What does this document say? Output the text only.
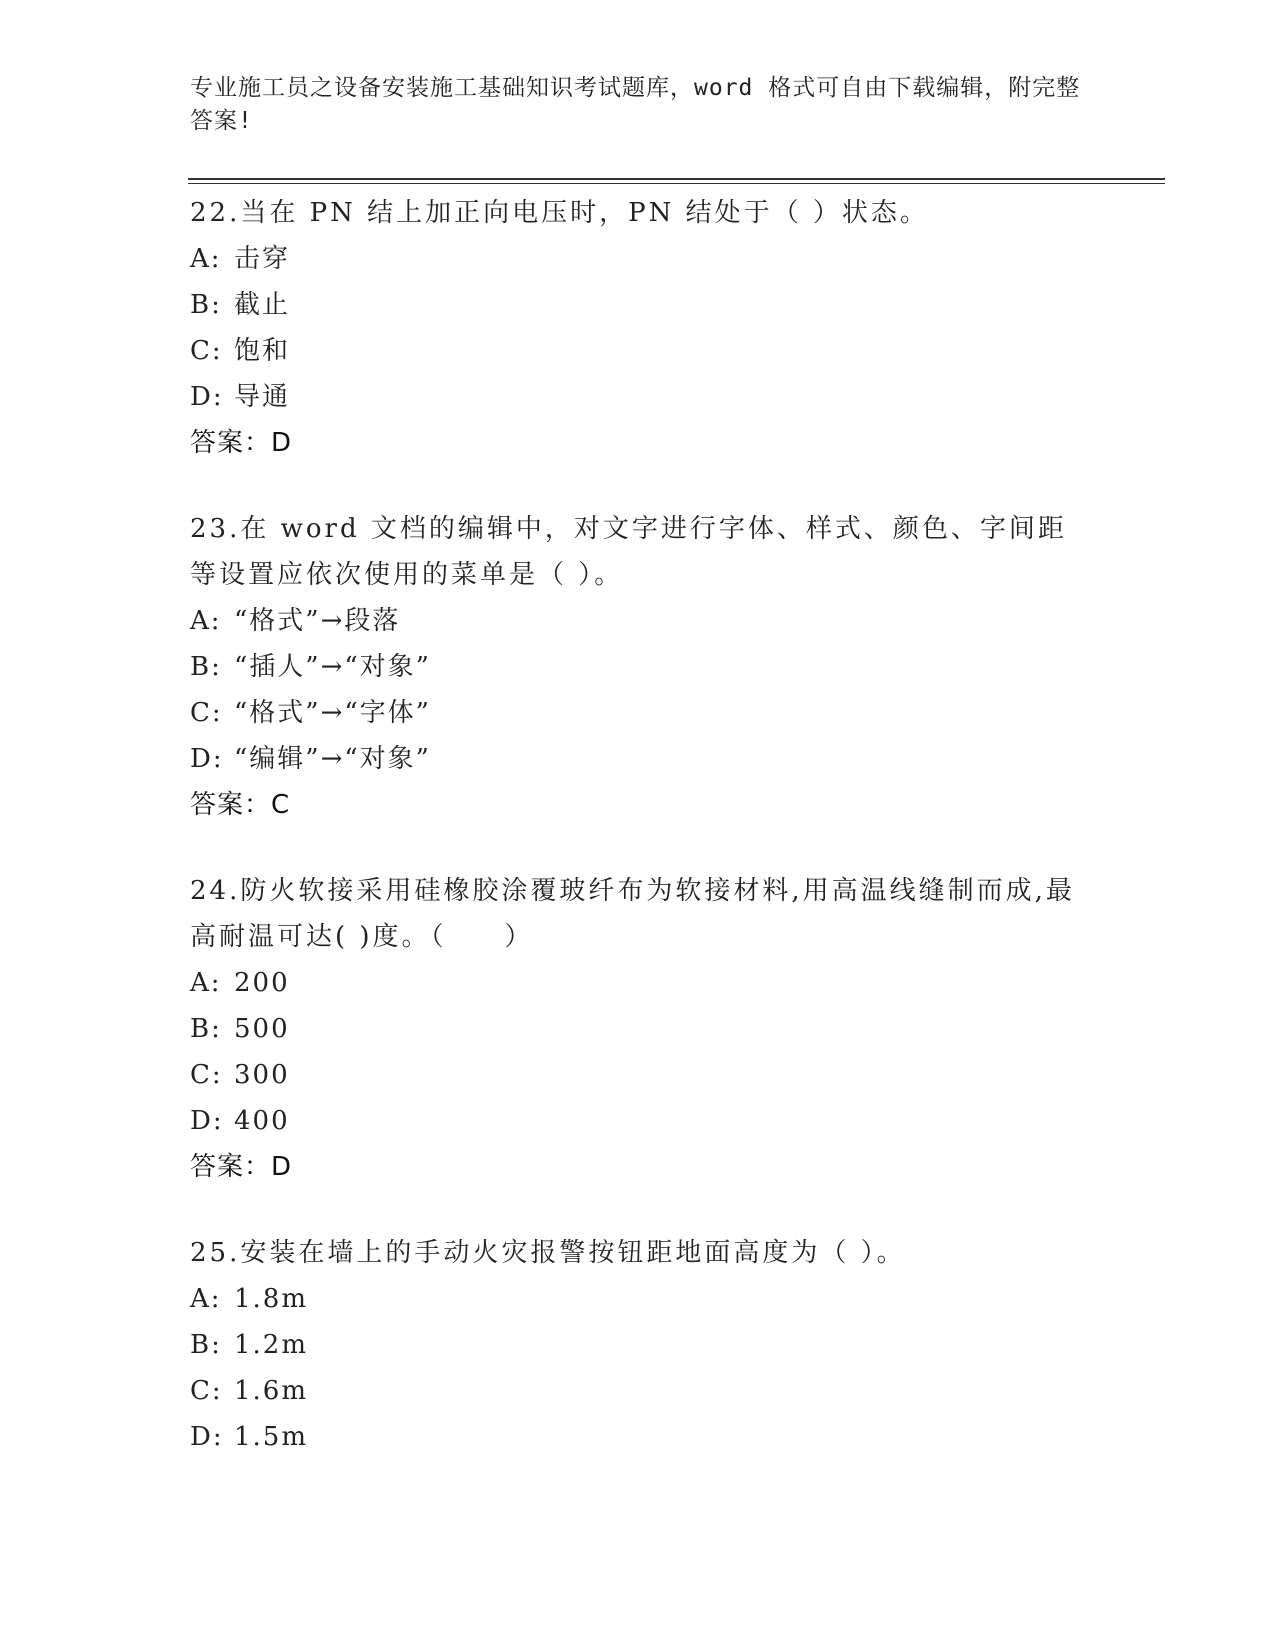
专业施工员之设备安装施工基础知识考试题库，word 格式可自由下载编辑，附完整答案!

22.当在 PN 结上加正向电压时，PN 结处于（ ）状态。

A: 击穿
B: 截止
C: 饱和
D: 导通
答案：D

23.在 word 文档的编辑中，对文字进行字体、样式、颜色、字间距等设置应依次使用的菜单是（ ）。

A: “格式”→段落
B: “插人”→“对象”
C: “格式”→“字体”
D: “编辑”→“对象”
答案：C

24.防火软接采用硅橡胶涂覆玻纤布为软接材料,用高温线缝制而成,最高耐温可达( )度。（　　）

A: 200
B: 500
C: 300
D: 400
答案：D

25.安装在墙上的手动火灾报警按钮距地面高度为（ ）。

A: 1.8m
B: 1.2m
C: 1.6m
D: 1.5m
